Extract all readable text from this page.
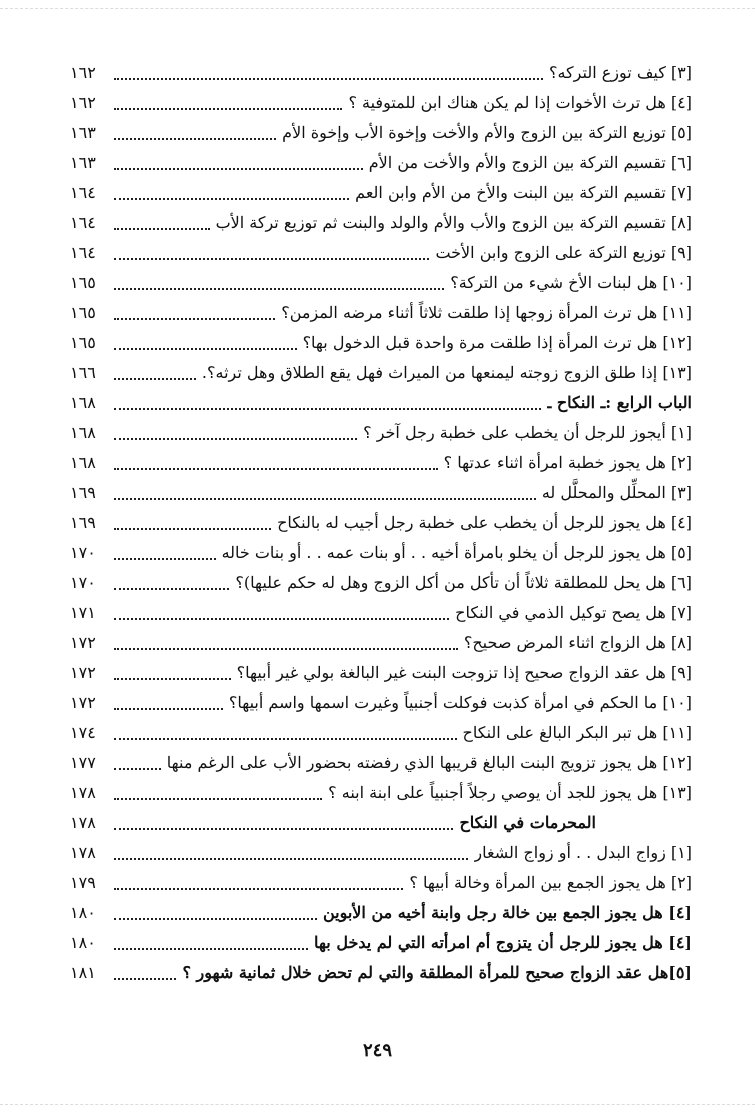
[٣] كيف توزع التركه؟
١٦٢
[٤] هل ترث الأخوات إذا لم يكن هناك ابن للمتوفية ؟
١٦٢
[٥] توزيع التركة بين الزوج والأم والأخت وإخوة الأب وإخوة الأم
١٦٣
[٦] تقسيم التركة بين الزوج والأم والأخت من الأم
١٦٣
[٧] تقسيم التركة بين البنت والأخ من الأم وابن العم
١٦٤
[٨] تقسيم التركة بين الزوج والأب والأم والولد والبنت ثم توزيع تركة الأب
١٦٤
[٩] توزيع التركة على الزوج وابن الأخت
١٦٤
[١٠] هل لبنات الأخ شيء من التركة؟
١٦٥
[١١] هل ترث المرأة زوجها إذا طلقت ثلاثاً أثناء مرضه المزمن؟
١٦٥
[١٢] هل ترث المرأة إذا طلقت مرة واحدة قبل الدخول بها؟
١٦٥
[١٣] إذا طلق الزوج زوجته ليمنعها من الميراث فهل يقع الطلاق وهل ترثه؟.
١٦٦
الباب الرابع :ـ النكاح ـ
١٦٨
[١] أيجوز للرجل أن يخطب على خطبة رجل آخر ؟
١٦٨
[٢] هل يجوز خطبة امرأة اثناء عدتها ؟
١٦٨
[٣] المحلِّل والمحلَّل له
١٦٩
[٤] هل يجوز للرجل أن يخطب على خطبة رجل أجيب له بالنكاح
١٦٩
[٥] هل يجوز للرجل أن يخلو بامرأة أخيه . . أو بنات عمه . . أو بنات خاله
١٧٠
[٦] هل يحل للمطلقة ثلاثاً أن تأكل من أكل الزوج وهل له حكم عليها)؟
١٧٠
[٧] هل يصح توكيل الذمي في النكاح
١٧١
[٨] هل الزواج اثناء المرض صحيح؟
١٧٢
[٩] هل عقد الزواج صحيح إذا تزوجت البنت غير البالغة بولي غير أبيها؟
١٧٢
[١٠] ما الحكم في امرأة كذبت فوكلت أجنبياً وغيرت اسمها واسم أبيها؟
١٧٢
[١١] هل تبر البكر البالغ على النكاح
١٧٤
[١٢] هل يجوز تزويج البنت البالغ قريبها الذي رفضته بحضور الأب على الرغم منها
١٧٧
[١٣] هل يجوز للجد أن يوصي رجلاً أجنبياً على ابنة ابنه ؟
١٧٨
المحرمات في النكاح
١٧٨
[١] زواج البدل . . أو زواج الشغار
١٧٨
[٢] هل يجوز الجمع بين المرأة وخالة أبيها ؟
١٧٩
[٤] هل يجوز الجمع بين خالة رجل وابنة أخيه من الأبوين
١٨٠
[٤] هل يجوز للرجل أن يتزوج أم امرأته التي لم يدخل بها
١٨٠
[٥]هل عقد الزواج صحيح للمرأة المطلقة والتي لم تحض خلال ثمانية شهور ؟
١٨١
٢٤٩
